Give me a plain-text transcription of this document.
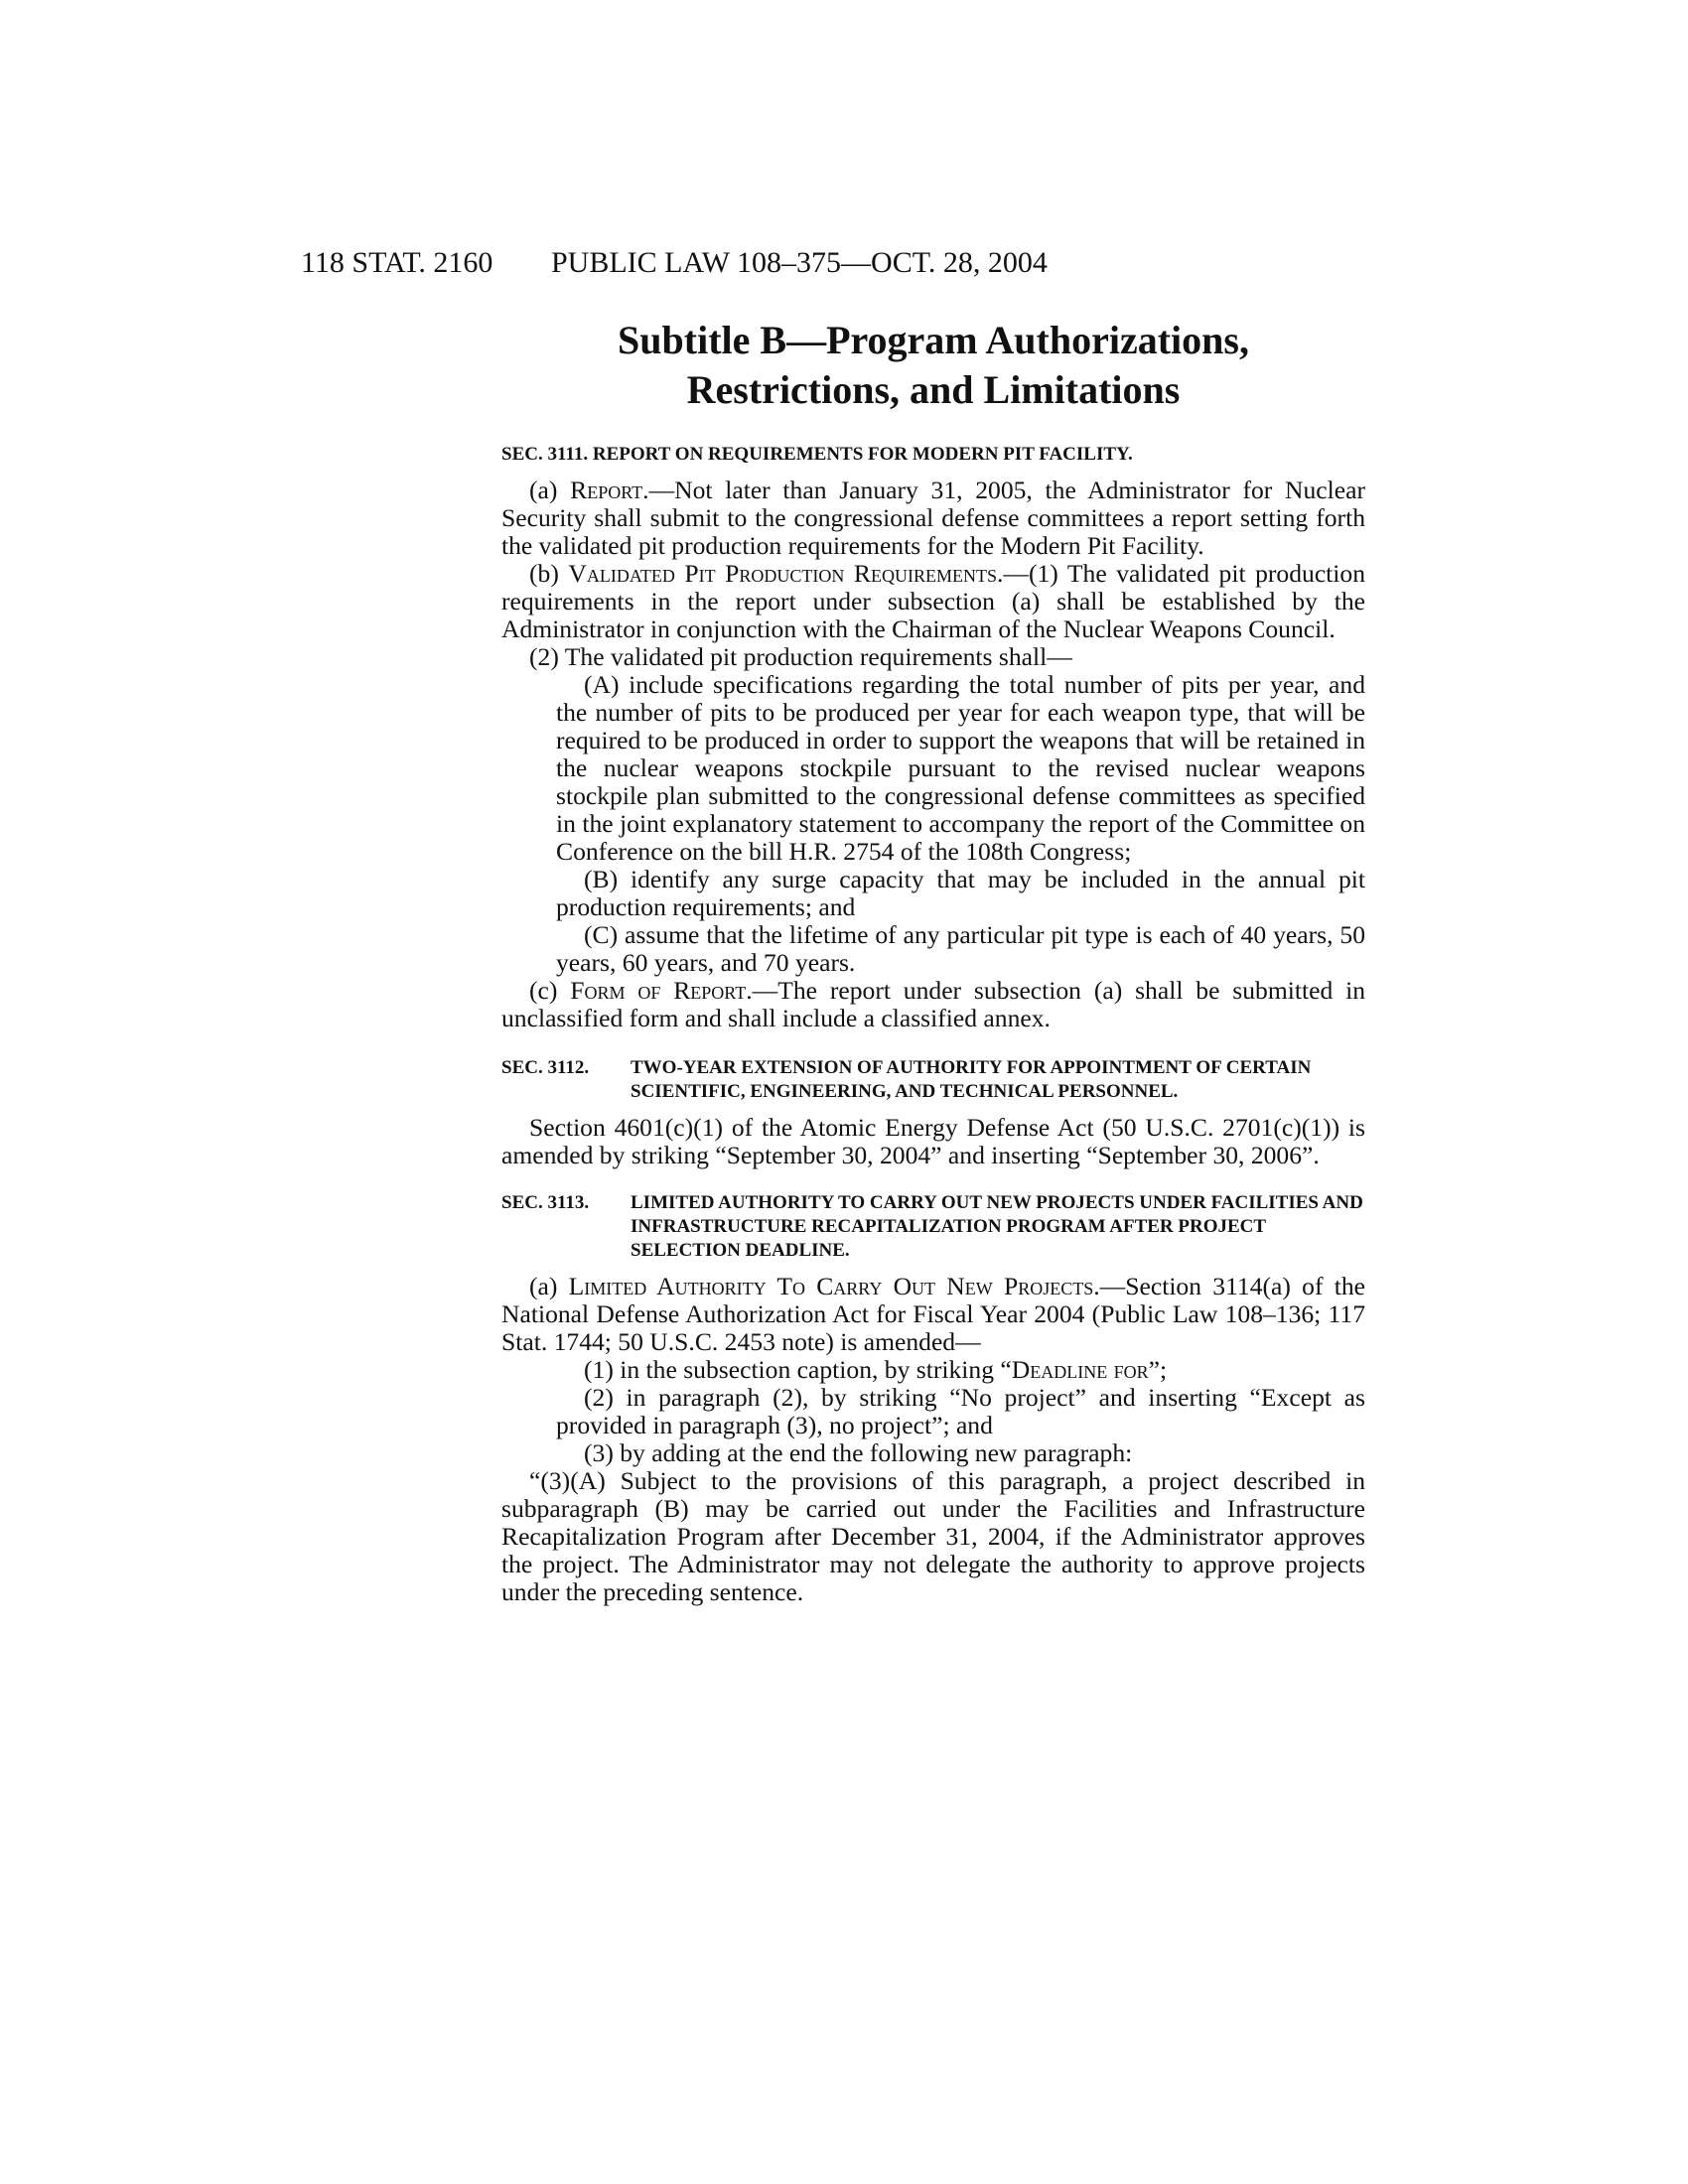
118 STAT. 2160 PUBLIC LAW 108–375—OCT. 28, 2004
Subtitle B—Program Authorizations,
Restrictions, and Limitations
SEC. 3111. REPORT ON REQUIREMENTS FOR MODERN PIT FACILITY.

(a) Report.—Not later than January 31, 2005, the Administrator for Nuclear Security shall submit to the congressional defense committees a report setting forth the validated pit production requirements for the Modern Pit Facility.

(b) Validated Pit Production Requirements.—(1) The validated pit production requirements in the report under subsection (a) shall be established by the Administrator in conjunction with the Chairman of the Nuclear Weapons Council.

(2) The validated pit production requirements shall—

(A) include specifications regarding the total number of pits per year, and the number of pits to be produced per year for each weapon type, that will be required to be produced in order to support the weapons that will be retained in the nuclear weapons stockpile pursuant to the revised nuclear weapons stockpile plan submitted to the congressional defense committees as specified in the joint explanatory statement to accompany the report of the Committee on Conference on the bill H.R. 2754 of the 108th Congress;

(B) identify any surge capacity that may be included in the annual pit production requirements; and

(C) assume that the lifetime of any particular pit type is each of 40 years, 50 years, 60 years, and 70 years.

(c) Form of Report.—The report under subsection (a) shall be submitted in unclassified form and shall include a classified annex.

SEC. 3112. TWO-YEAR EXTENSION OF AUTHORITY FOR APPOINTMENT OF CERTAIN SCIENTIFIC, ENGINEERING, AND TECHNICAL PERSONNEL.

Section 4601(c)(1) of the Atomic Energy Defense Act (50 U.S.C. 2701(c)(1)) is amended by striking “September 30, 2004” and inserting “September 30, 2006”.

SEC. 3113. LIMITED AUTHORITY TO CARRY OUT NEW PROJECTS UNDER FACILITIES AND INFRASTRUCTURE RECAPITALIZATION PROGRAM AFTER PROJECT SELECTION DEADLINE.

(a) Limited Authority To Carry Out New Projects.—Section 3114(a) of the National Defense Authorization Act for Fiscal Year 2004 (Public Law 108–136; 117 Stat. 1744; 50 U.S.C. 2453 note) is amended—

(1) in the subsection caption, by striking “Deadline for”;

(2) in paragraph (2), by striking “No project” and inserting “Except as provided in paragraph (3), no project”; and

(3) by adding at the end the following new paragraph:

“(3)(A) Subject to the provisions of this paragraph, a project described in subparagraph (B) may be carried out under the Facilities and Infrastructure Recapitalization Program after December 31, 2004, if the Administrator approves the project. The Administrator may not delegate the authority to approve projects under the preceding sentence.
